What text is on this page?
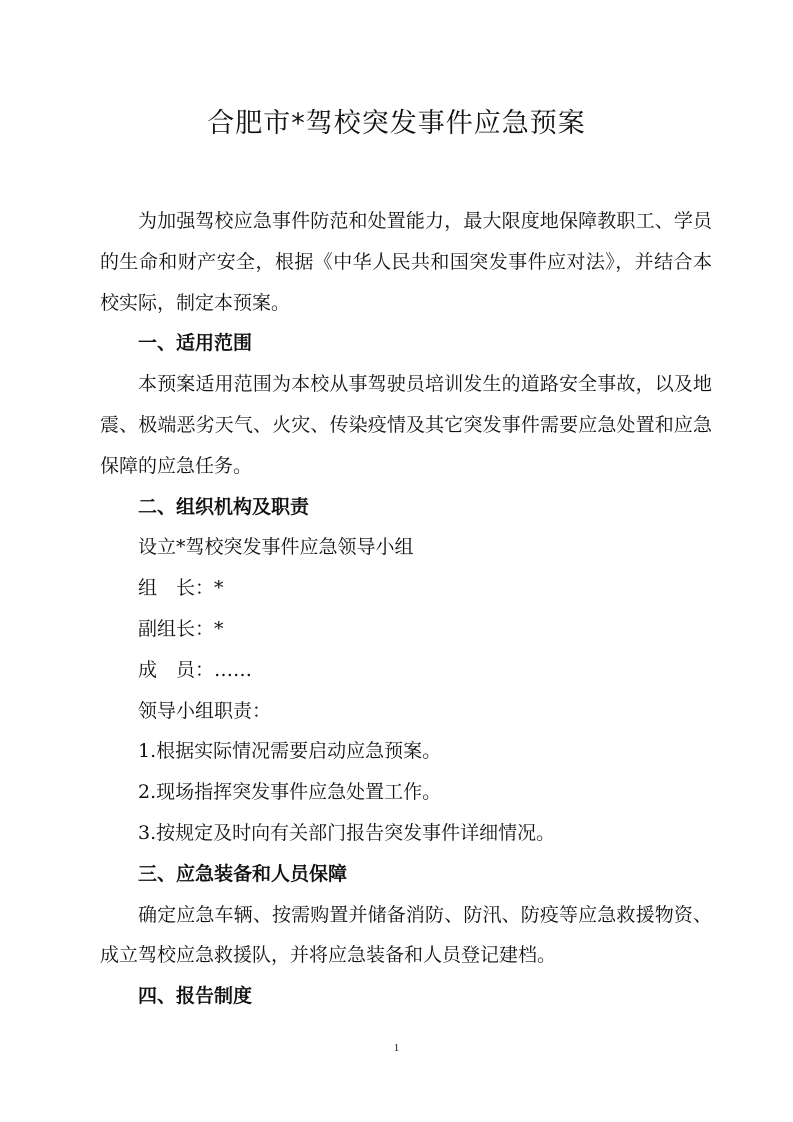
合肥市*驾校突发事件应急预案

为加强驾校应急事件防范和处置能力，最大限度地保障教职工、学员的生命和财产安全，根据《中华人民共和国突发事件应对法》，并结合本校实际，制定本预案。

一、适用范围

本预案适用范围为本校从事驾驶员培训发生的道路安全事故，以及地震、极端恶劣天气、火灾、传染疫情及其它突发事件需要应急处置和应急保障的应急任务。

二、组织机构及职责

设立*驾校突发事件应急领导小组

组　长：*

副组长：*

成　员：……

领导小组职责：

1.根据实际情况需要启动应急预案。

2.现场指挥突发事件应急处置工作。

3.按规定及时向有关部门报告突发事件详细情况。

三、应急装备和人员保障

确定应急车辆、按需购置并储备消防、防汛、防疫等应急救援物资、成立驾校应急救援队，并将应急装备和人员登记建档。

四、报告制度

1
